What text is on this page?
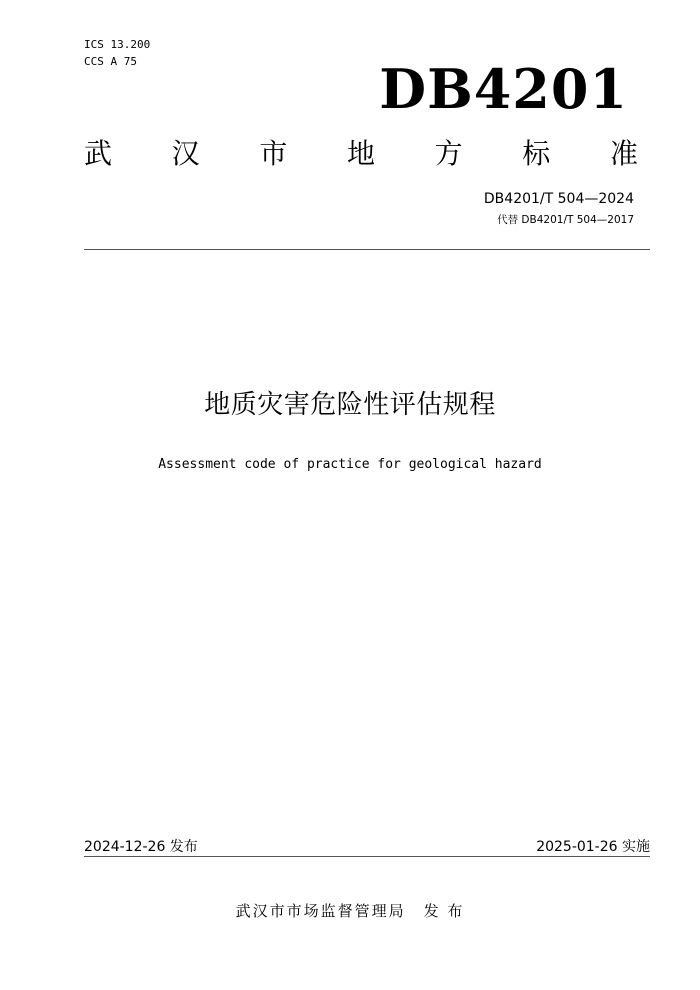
ICS 13.200
CCS A 75	DB4201
武 汉 市 地 方 标 准
DB4201/T 504—2024
代替 DB4201/T 504—2017
地质灾害危险性评估规程
Assessment code of practice for geological hazard
2024-12-26 发布	2025-01-26 实施
武汉市市场监督管理局 发 布
